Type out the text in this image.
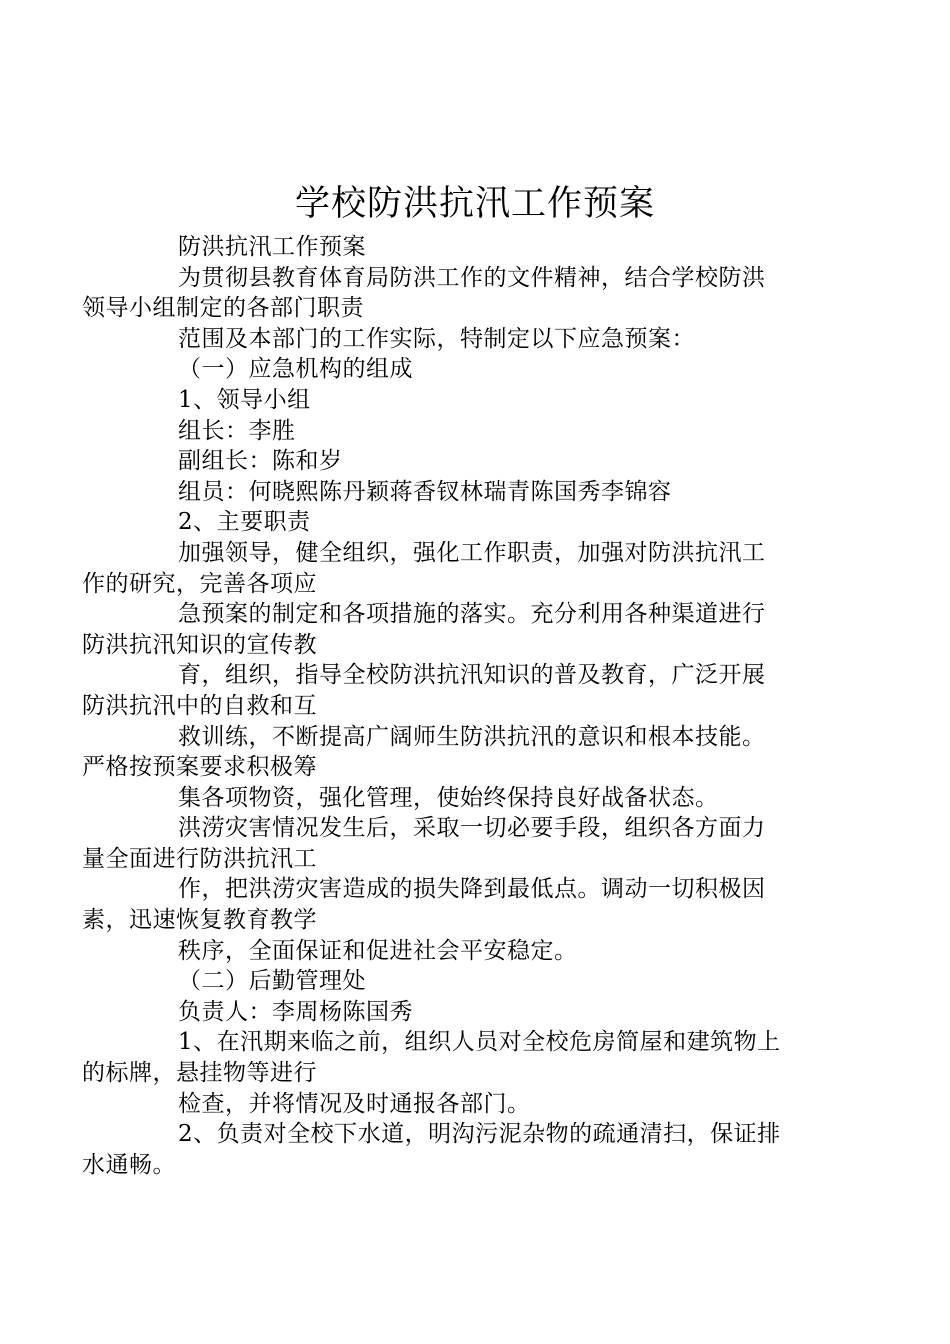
学校防洪抗汛工作预案

防洪抗汛工作预案

为贯彻县教育体育局防洪工作的文件精神，结合学校防洪
领导小组制定的各部门职责

范围及本部门的工作实际，特制定以下应急预案：

（一）应急机构的组成

1、领导小组

组长：李胜

副组长：陈和岁

组员：何晓熙陈丹颖蒋香钗林瑞青陈国秀李锦容

2、主要职责

加强领导，健全组织，强化工作职责，加强对防洪抗汛工
作的研究，完善各项应

急预案的制定和各项措施的落实。充分利用各种渠道进行
防洪抗汛知识的宣传教

育，组织，指导全校防洪抗汛知识的普及教育，广泛开展
防洪抗汛中的自救和互

救训练，不断提高广阔师生防洪抗汛的意识和根本技能。
严格按预案要求积极筹

集各项物资，强化管理，使始终保持良好战备状态。

洪涝灾害情况发生后，采取一切必要手段，组织各方面力
量全面进行防洪抗汛工

作，把洪涝灾害造成的损失降到最低点。调动一切积极因
素，迅速恢复教育教学

秩序，全面保证和促进社会平安稳定。

（二）后勤管理处

负责人：李周杨陈国秀

1、在汛期来临之前，组织人员对全校危房简屋和建筑物上
的标牌，悬挂物等进行

检查，并将情况及时通报各部门。

2、负责对全校下水道，明沟污泥杂物的疏通清扫，保证排
水通畅。
